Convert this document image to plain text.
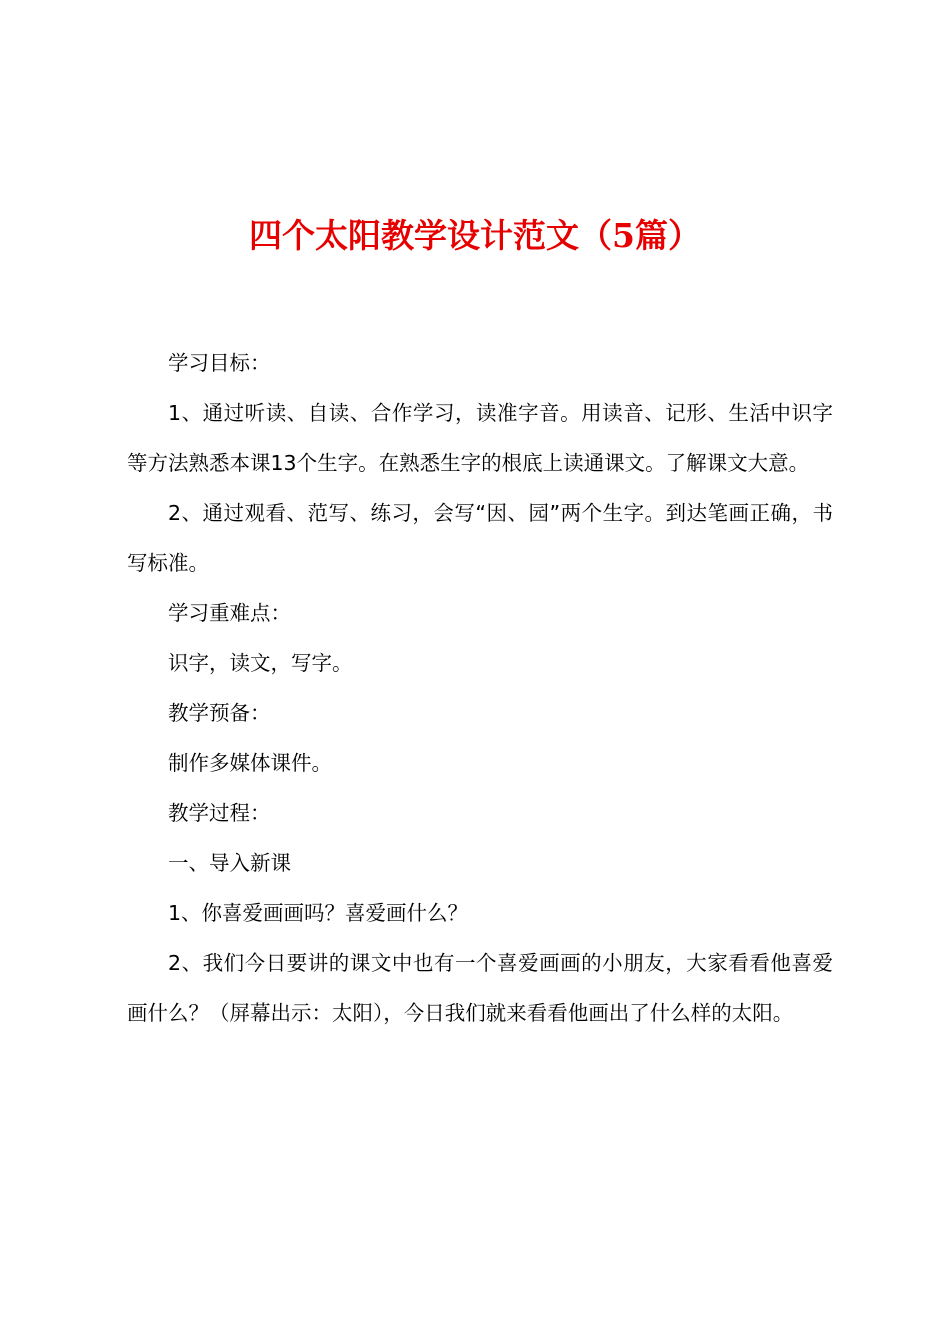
四个太阳教学设计范文（5篇）

学习目标：

1、通过听读、自读、合作学习，读准字音。用读音、记形、生活中识字等方法熟悉本课13个生字。在熟悉生字的根底上读通课文。了解课文大意。

2、通过观看、范写、练习，会写“因、园”两个生字。到达笔画正确，书写标准。

学习重难点：

识字，读文，写字。

教学预备：

制作多媒体课件。

教学过程：

一、导入新课

1、你喜爱画画吗？喜爱画什么？

2、我们今日要讲的课文中也有一个喜爱画画的小朋友，大家看看他喜爱画什么？（屏幕出示：太阳），今日我们就来看看他画出了什么样的太阳。
